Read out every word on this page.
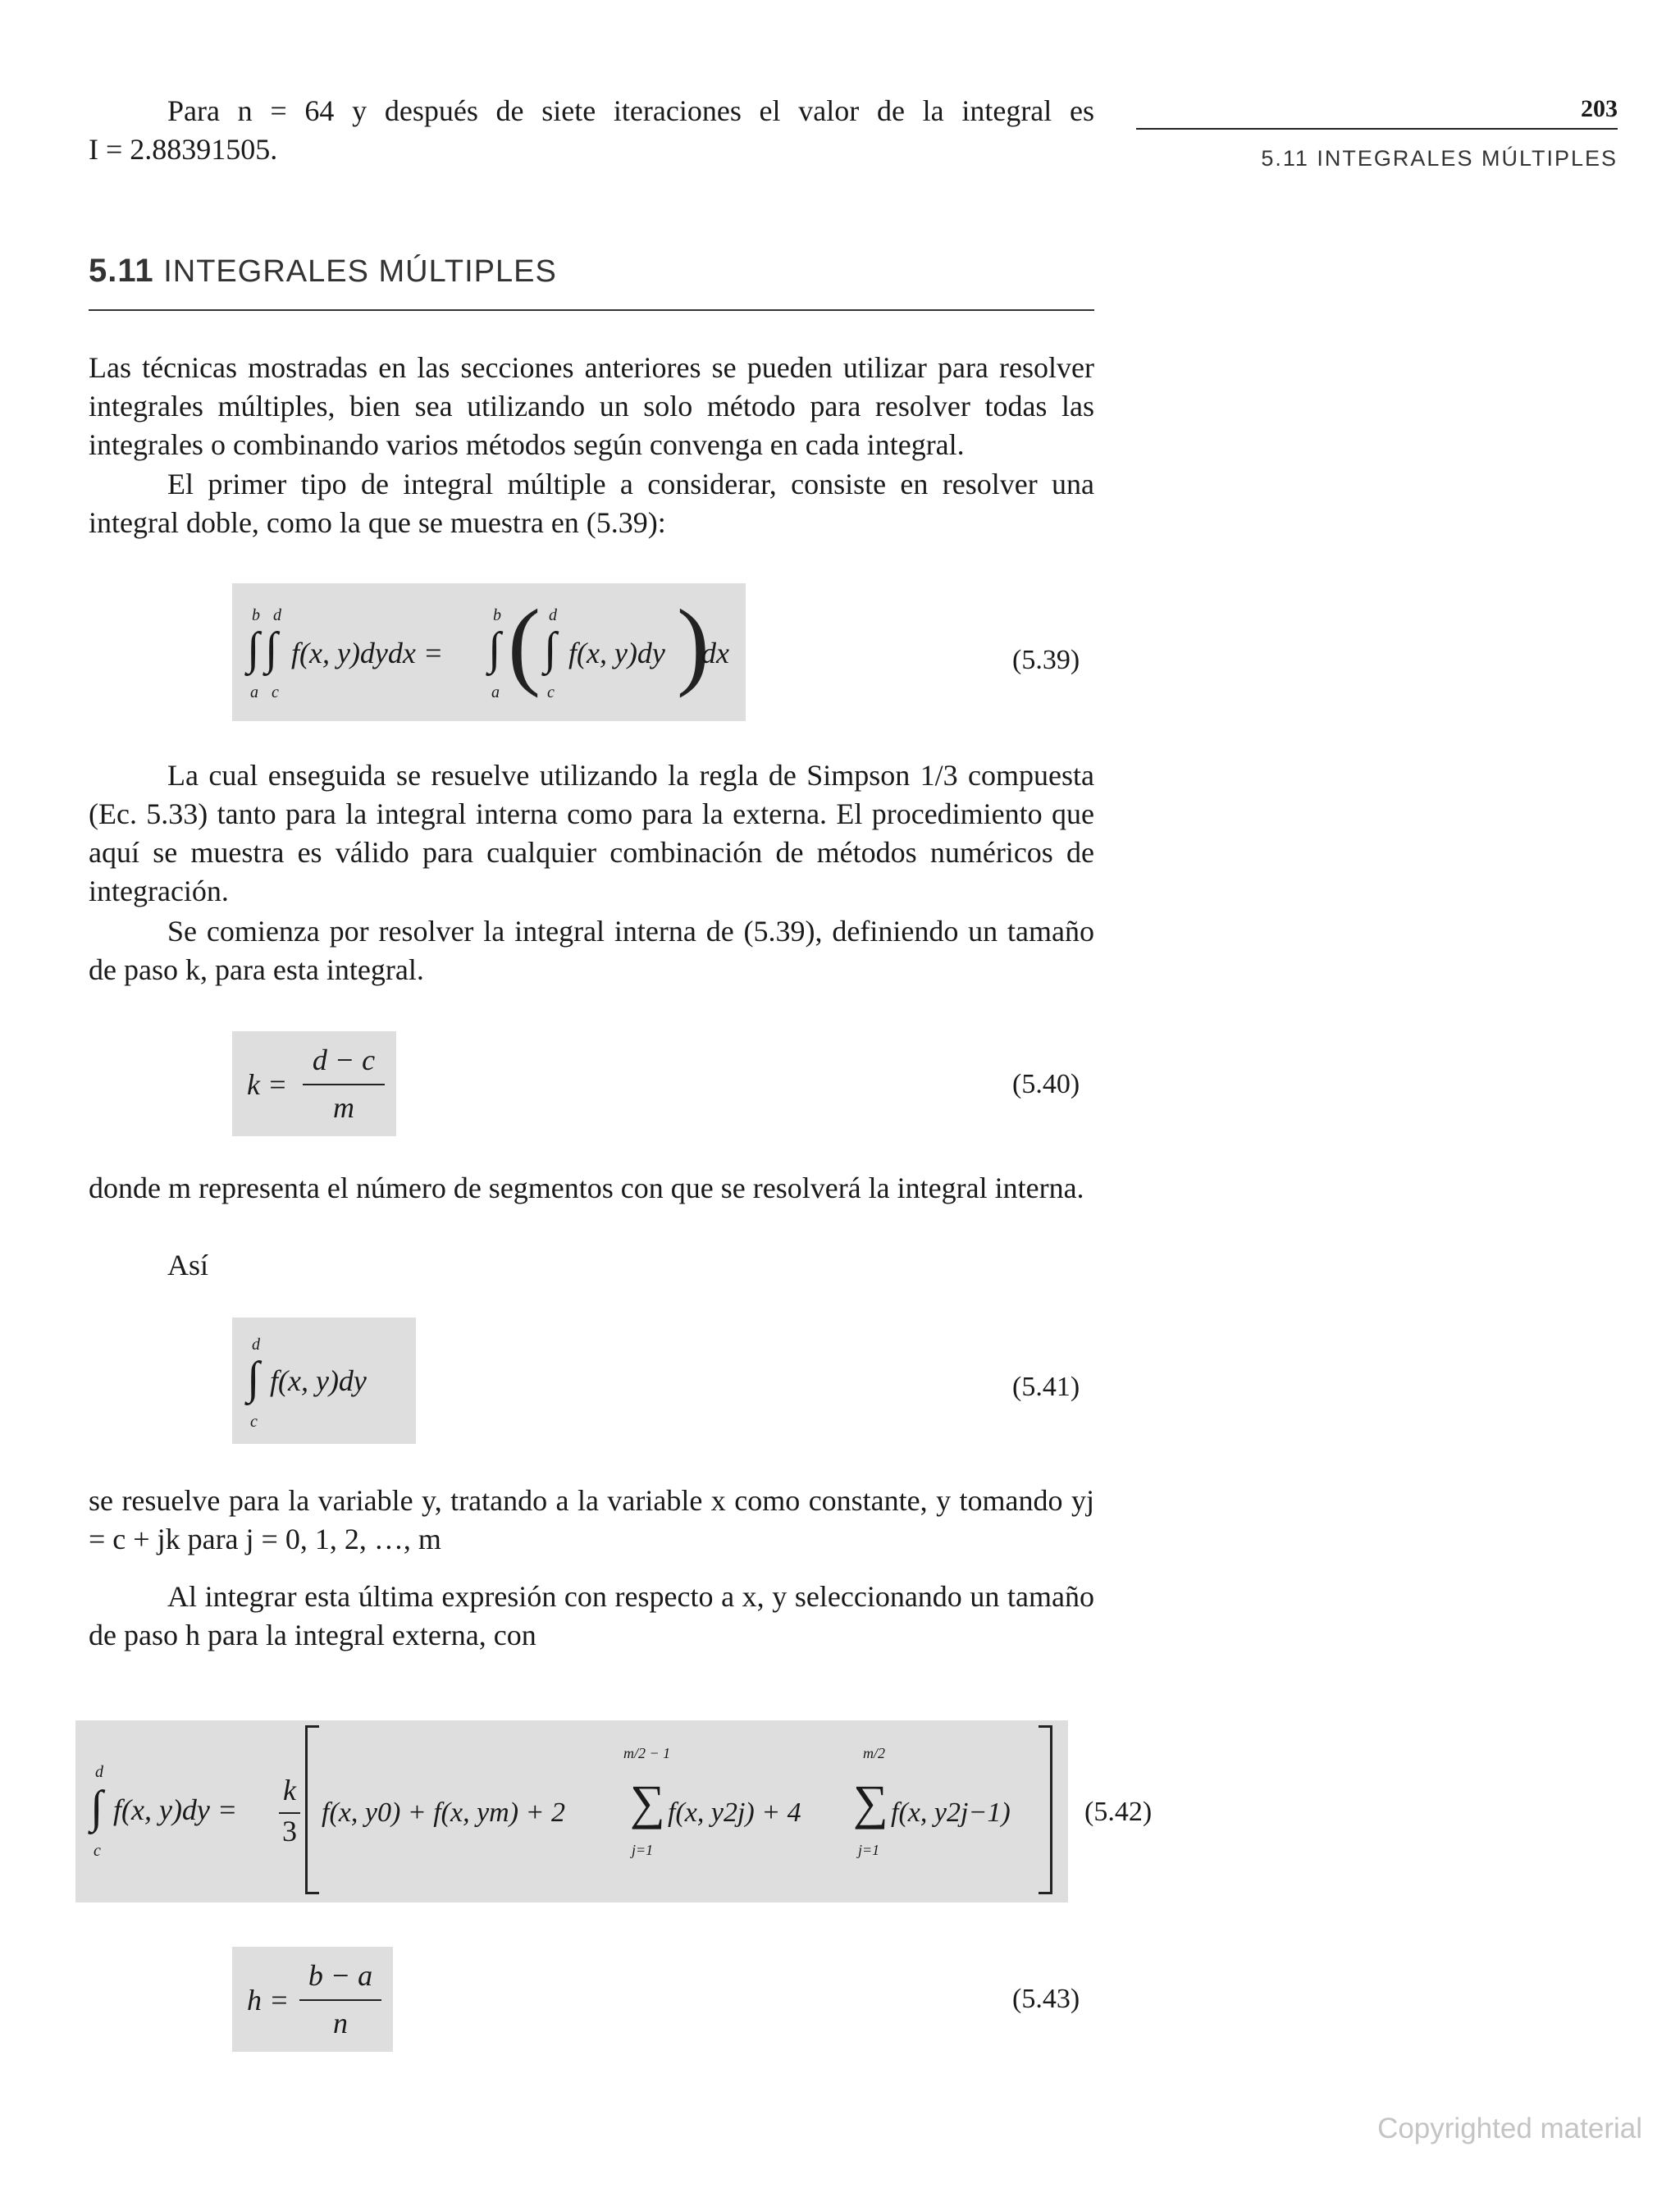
203
5.11 INTEGRALES MÚLTIPLES
Para n = 64 y después de siete iteraciones el valor de la integral es
I = 2.88391505.
5.11 INTEGRALES MÚLTIPLES
Las técnicas mostradas en las secciones anteriores se pueden utilizar para resolver integrales múltiples, bien sea utilizando un solo método para resolver todas las integrales o combinando varios métodos según convenga en cada integral.
El primer tipo de integral múltiple a considerar, consiste en resolver una integral doble, como la que se muestra en (5.39):
b d
∫ ∫
a c
f(x, y)dydx =
b
∫
a ( d
∫
c
f(x, y)dy )
dx	(5.39)
La cual enseguida se resuelve utilizando la regla de Simpson 1/3 compuesta (Ec. 5.33) tanto para la integral interna como para la externa. El procedimiento que aquí se muestra es válido para cualquier combinación de métodos numéricos de integración.
Se comienza por resolver la integral interna de (5.39), definiendo un tamaño de paso k, para esta integral.
k =
d − c
m
(5.40)
donde m representa el número de segmentos con que se resolverá la integral interna.
Así
d
∫
c
f(x, y)dy	(5.41)
se resuelve para la variable y, tratando a la variable x como constante, y tomando yj = c + jk para j = 0, 1, 2, …, m
Al integrar esta última expresión con respecto a x, y seleccionando un tamaño de paso h para la integral externa, con
d
∫
c
f(x, y)dy =
k
3
f(x, y0) + f(x, ym) + 2
m/2 − 1
∑
j=1
f(x, y2j) + 4
m/2
∑
j=1
f(x, y2j−1)	(5.42)
h =
b − a
n
(5.43)
Copyrighted material
